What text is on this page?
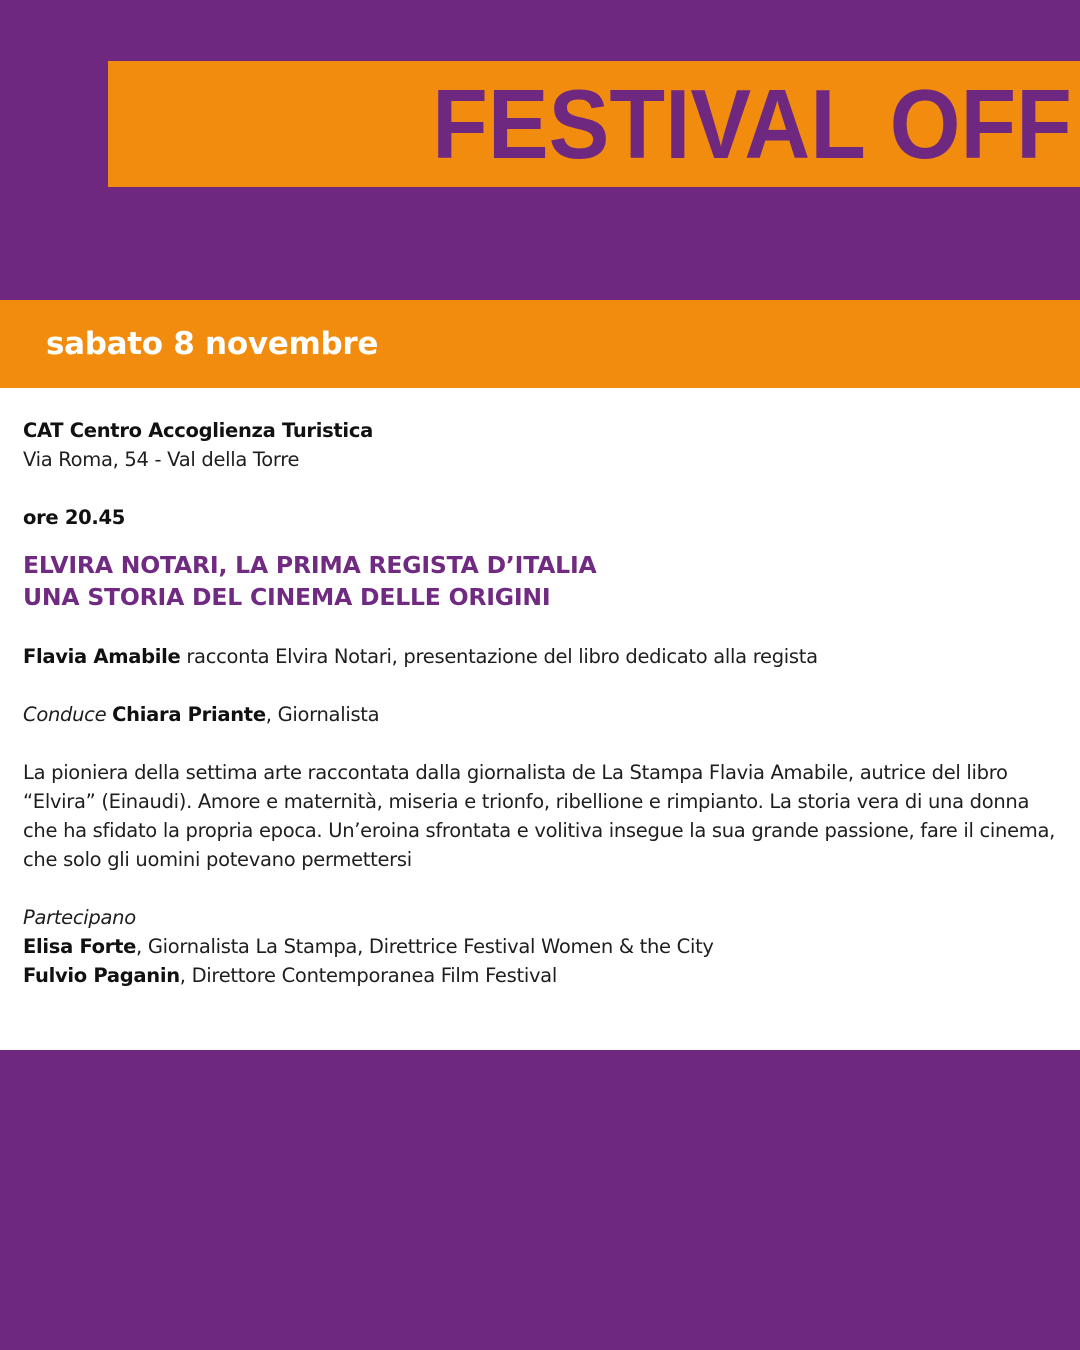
FESTIVAL OFF

sabato 8 novembre

CAT Centro Accoglienza Turistica

Via Roma, 54 - Val della Torre

ore 20.45

ELVIRA NOTARI, LA PRIMA REGISTA D’ITALIA
UNA STORIA DEL CINEMA DELLE ORIGINI

Flavia Amabile racconta Elvira Notari, presentazione del libro dedicato alla regista

Conduce Chiara Priante, Giornalista

La pioniera della settima arte raccontata dalla giornalista de La Stampa Flavia Amabile, autrice del libro “Elvira” (Einaudi). Amore e maternità, miseria e trionfo, ribellione e rimpianto. La storia vera di una donna che ha sfidato la propria epoca. Un’eroina sfrontata e volitiva insegue la sua grande passione, fare il cinema, che solo gli uomini potevano permettersi

Partecipano

Elisa Forte, Giornalista La Stampa, Direttrice Festival Women & the City

Fulvio Paganin, Direttore Contemporanea Film Festival
